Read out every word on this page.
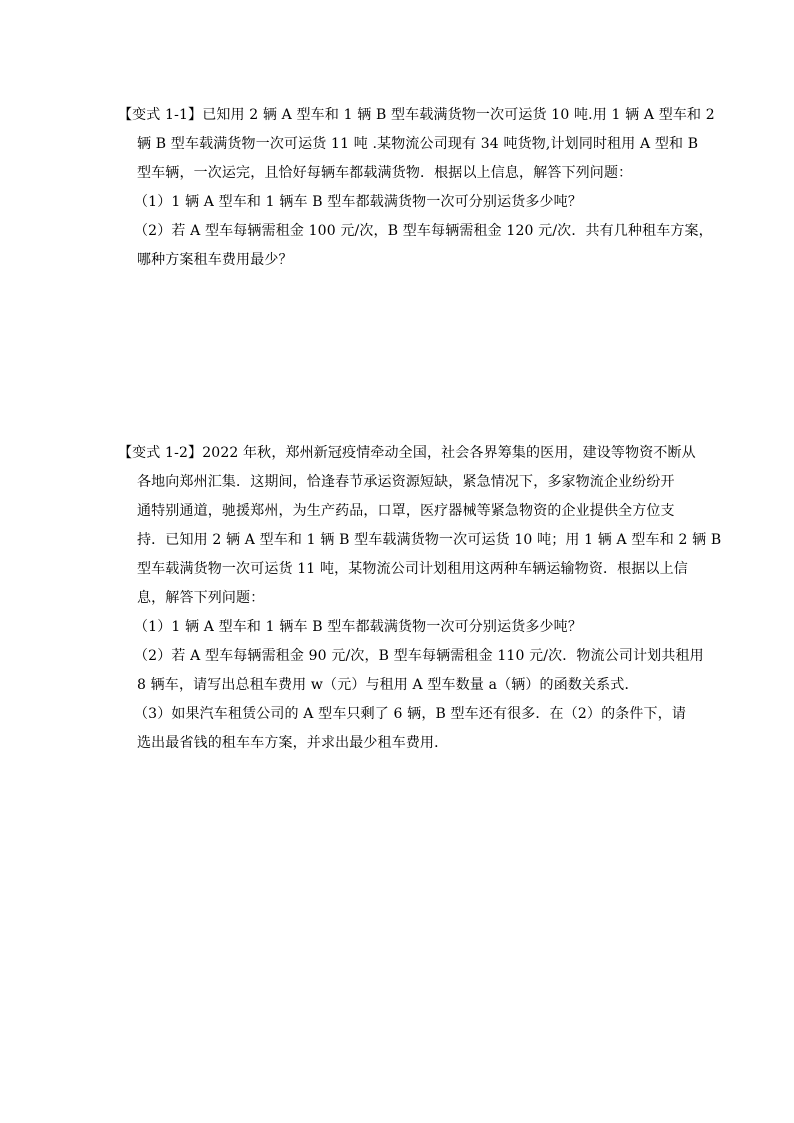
【变式 1-1】已知用 2 辆 A 型车和 1 辆 B 型车载满货物一次可运货 10 吨.用 1 辆 A 型车和 2
辆 B 型车载满货物一次可运货 11 吨 .某物流公司现有 34 吨货物,计划同时租用 A 型和 B
型车辆，一次运完，且恰好每辆车都载满货物．根据以上信息，解答下列问题：
（1）1 辆 A 型车和 1 辆车 B 型车都载满货物一次可分别运货多少吨？
（2）若 A 型车每辆需租金 100 元/次，B 型车每辆需租金 120 元/次．共有几种租车方案，
哪种方案租车费用最少？
【变式 1-2】2022 年秋，郑州新冠疫情牵动全国，社会各界筹集的医用，建设等物资不断从
各地向郑州汇集．这期间，恰逢春节承运资源短缺，紧急情况下，多家物流企业纷纷开
通特别通道，驰援郑州，为生产药品，口罩，医疗器械等紧急物资的企业提供全方位支
持．已知用 2 辆 A 型车和 1 辆 B 型车载满货物一次可运货 10 吨；用 1 辆 A 型车和 2 辆 B
型车载满货物一次可运货 11 吨，某物流公司计划租用这两种车辆运输物资．根据以上信
息，解答下列问题：
（1）1 辆 A 型车和 1 辆车 B 型车都载满货物一次可分别运货多少吨？
（2）若 A 型车每辆需租金 90 元/次，B 型车每辆需租金 110 元/次．物流公司计划共租用
8 辆车，请写出总租车费用 w（元）与租用 A 型车数量 a（辆）的函数关系式．
（3）如果汽车租赁公司的 A 型车只剩了 6 辆，B 型车还有很多．在（2）的条件下，请
选出最省钱的租车车方案，并求出最少租车费用．
